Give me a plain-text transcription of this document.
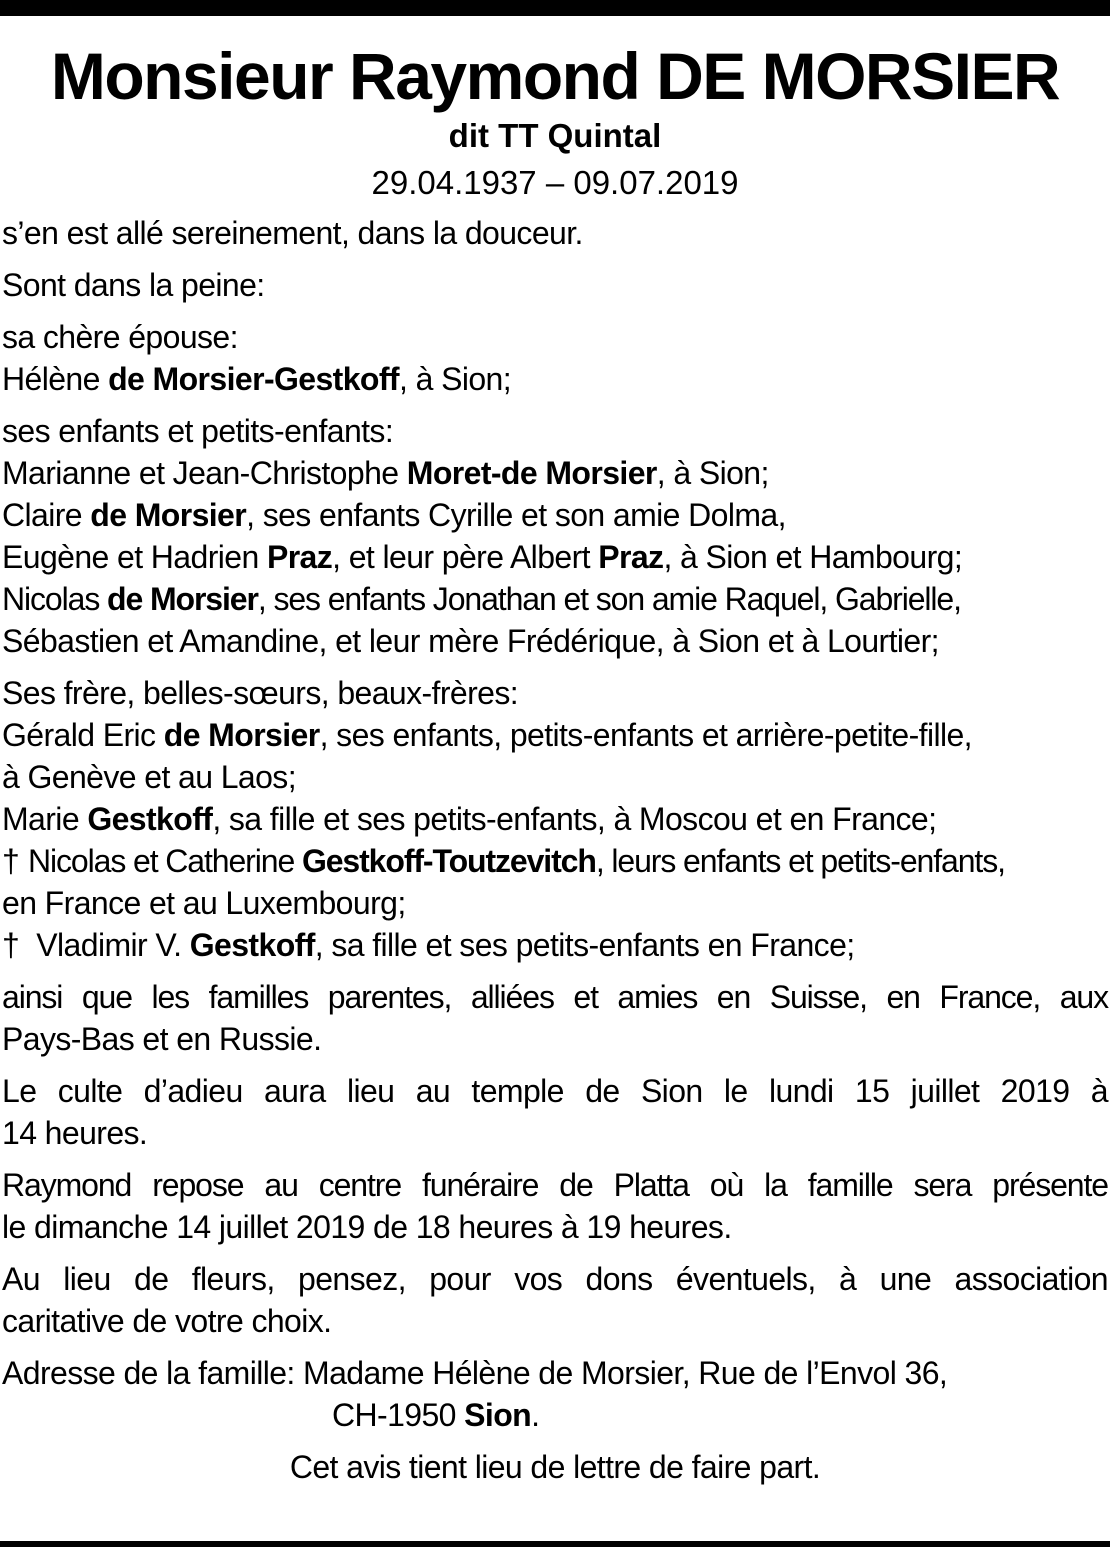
Monsieur Raymond DE MORSIER

dit TT Quintal

29.04.1937 – 09.07.2019

s’en est allé sereinement, dans la douceur.

Sont dans la peine:

sa chère épouse:
Hélène de Morsier-Gestkoff, à Sion;

ses enfants et petits-enfants:
Marianne et Jean-Christophe Moret-de Morsier, à Sion;
Claire de Morsier, ses enfants Cyrille et son amie Dolma,
Eugène et Hadrien Praz, et leur père Albert Praz, à Sion et Hambourg;
Nicolas de Morsier, ses enfants Jonathan et son amie Raquel, Gabrielle,
Sébastien et Amandine, et leur mère Frédérique, à Sion et à Lourtier;

Ses frère, belles-sœurs, beaux-frères:
Gérald Eric de Morsier, ses enfants, petits-enfants et arrière-petite-fille,
à Genève et au Laos;
Marie Gestkoff, sa fille et ses petits-enfants, à Moscou et en France;
† Nicolas et Catherine Gestkoff-Toutzevitch, leurs enfants et petits-enfants,
en France et au Luxembourg;
† Vladimir V. Gestkoff, sa fille et ses petits-enfants en France;

ainsi que les familles parentes, alliées et amies en Suisse, en France, aux
Pays-Bas et en Russie.

Le culte d’adieu aura lieu au temple de Sion le lundi 15 juillet 2019 à
14 heures.

Raymond repose au centre funéraire de Platta où la famille sera présente
le dimanche 14 juillet 2019 de 18 heures à 19 heures.

Au lieu de fleurs, pensez, pour vos dons éventuels, à une association
caritative de votre choix.

Adresse de la famille: Madame Hélène de Morsier, Rue de l’Envol 36,
CH-1950 Sion.

Cet avis tient lieu de lettre de faire part.
